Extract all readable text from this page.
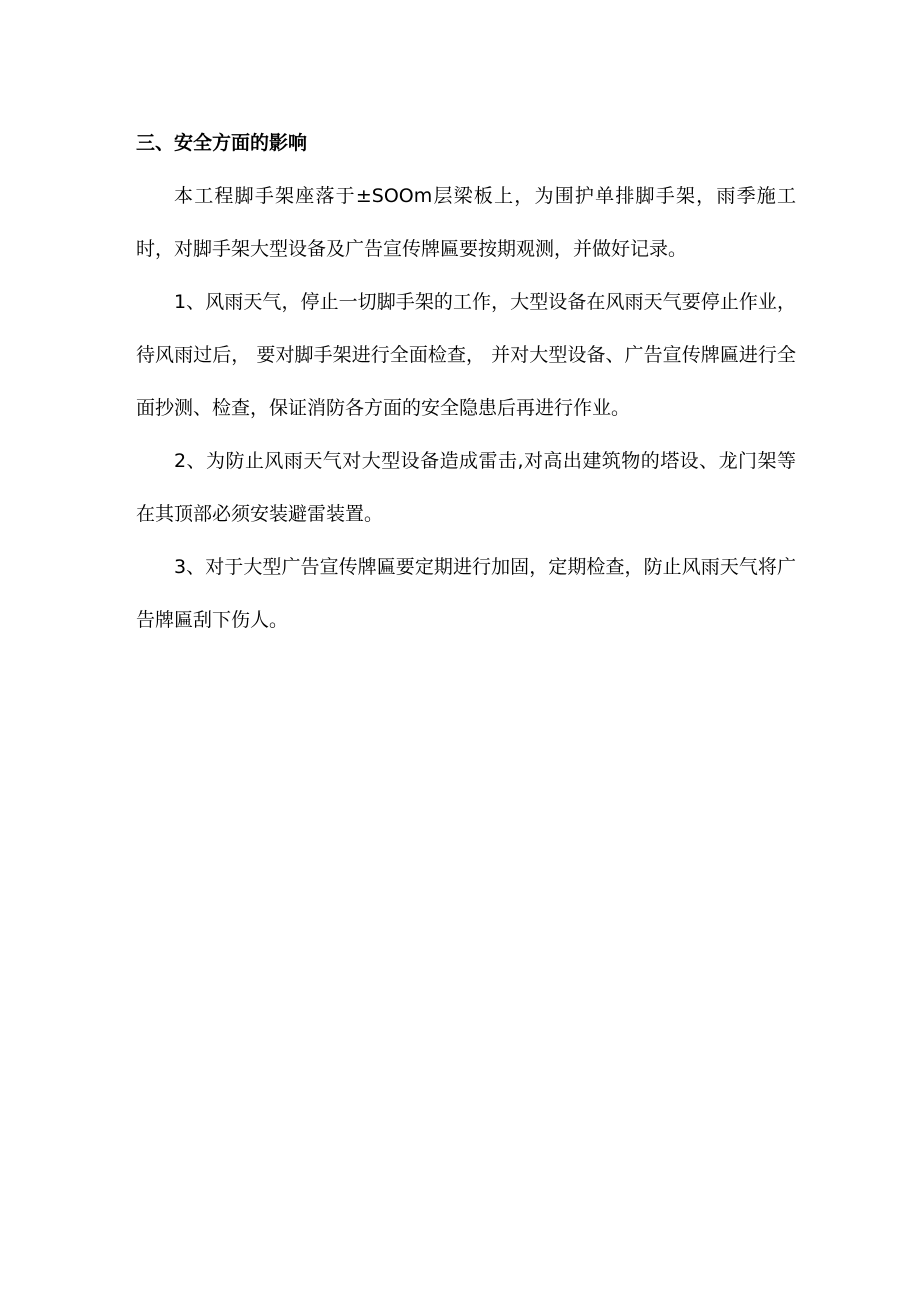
三、安全方面的影响

本工程脚手架座落于±SOOm层梁板上，为围护单排脚手架，雨季施工时，对脚手架大型设备及广告宣传牌匾要按期观测，并做好记录。

1、风雨天气，停止一切脚手架的工作，大型设备在风雨天气要停止作业， 待风雨过后， 要对脚手架进行全面检查， 并对大型设备、广告宣传牌匾进行全面抄测、检查，保证消防各方面的安全隐患后再进行作业。

2、为防止风雨天气对大型设备造成雷击,对高出建筑物的塔设、龙门架等在其顶部必须安装避雷装置。

3、对于大型广告宣传牌匾要定期进行加固，定期检查，防止风雨天气将广告牌匾刮下伤人。
